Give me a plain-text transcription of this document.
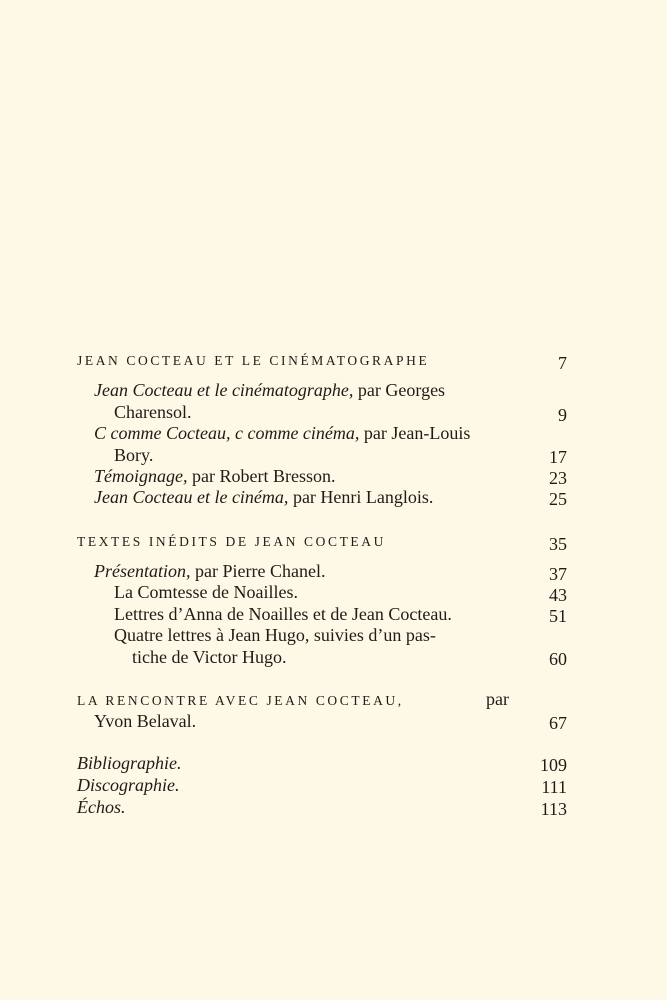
JEAN COCTEAU ET LE CINÉMATOGRAPHE	7
Jean Cocteau et le cinématographe, par Georges
Charensol.	9
C comme Cocteau, c comme cinéma, par Jean-Louis
Bory.	17
Témoignage, par Robert Bresson.	23
Jean Cocteau et le cinéma, par Henri Langlois.	25
TEXTES INÉDITS DE JEAN COCTEAU	35
Présentation, par Pierre Chanel.	37
La Comtesse de Noailles.	43
Lettres d’Anna de Noailles et de Jean Cocteau.	51
Quatre lettres à Jean Hugo, suivies d’un pas-
tiche de Victor Hugo.	60
LA RENCONTRE AVEC JEAN COCTEAU,	par
Yvon Belaval.	67
Bibliographie.	109
Discographie.	111
Échos.	113
